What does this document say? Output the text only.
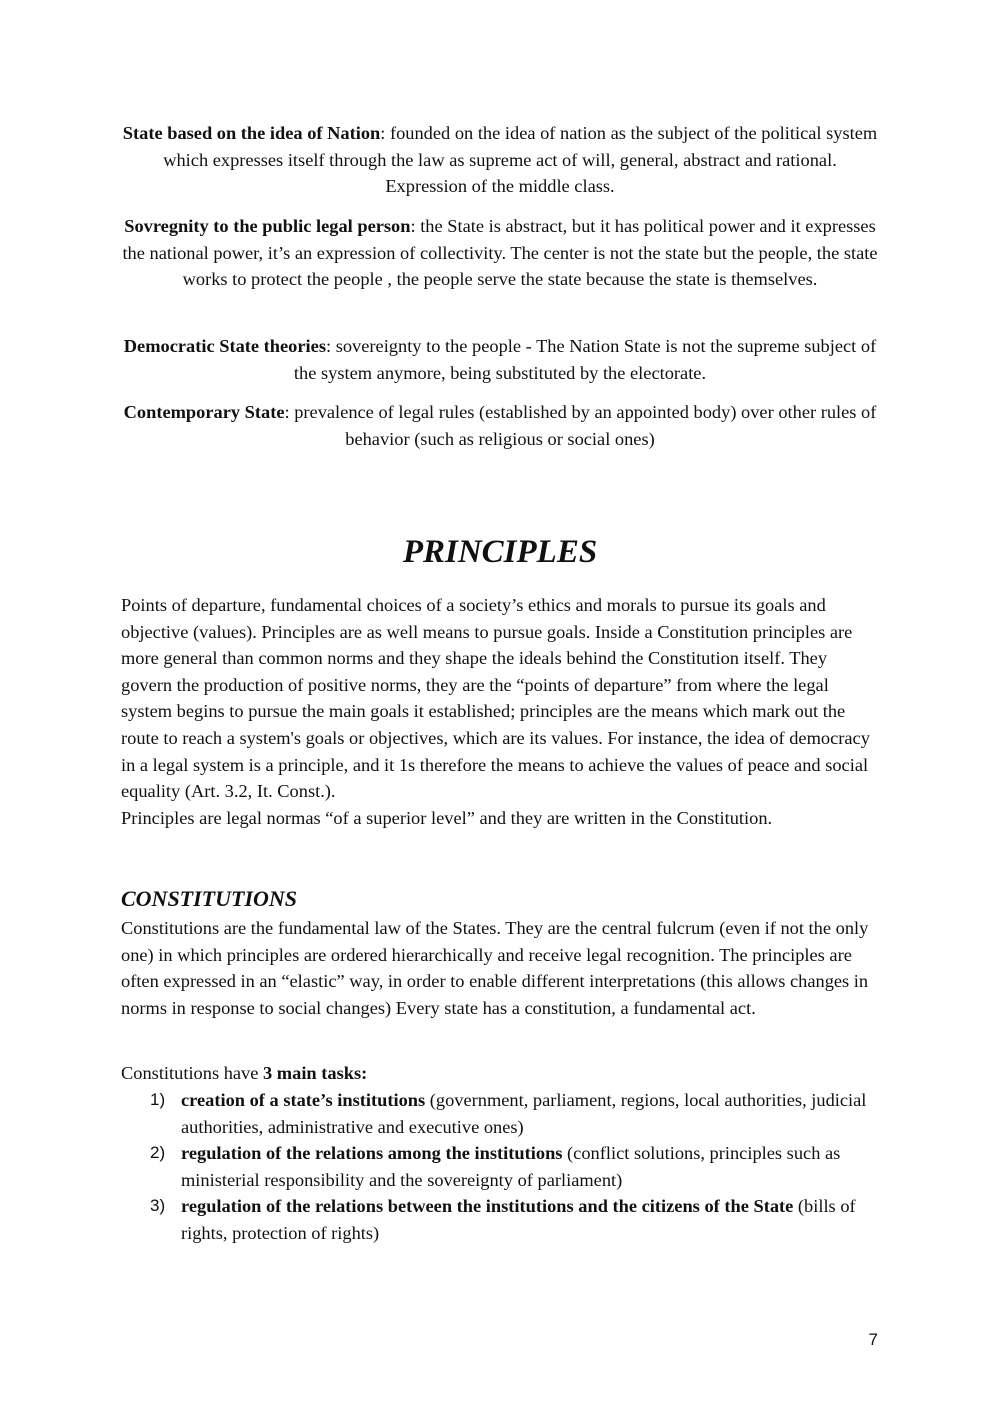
State based on the idea of Nation: founded on the idea of nation as the subject of the political system which expresses itself through the law as supreme act of will, general, abstract and rational. Expression of the middle class.

Sovregnity to the public legal person: the State is abstract, but it has political power and it expresses the national power, it’s an expression of collectivity. The center is not the state but the people, the state works to protect the people , the people serve the state because the state is themselves.

Democratic State theories: sovereignty to the people - The Nation State is not the supreme subject of the system anymore, being substituted by the electorate.

Contemporary State: prevalence of legal rules (established by an appointed body) over other rules of behavior (such as religious or social ones)

PRINCIPLES

Points of departure, fundamental choices of a society’s ethics and morals to pursue its goals and objective (values). Principles are as well means to pursue goals. Inside a Constitution principles are more general than common norms and they shape the ideals behind the Constitution itself. They govern the production of positive norms, they are the “points of departure” from where the legal system begins to pursue the main goals it established; principles are the means which mark out the route to reach a system's goals or objectives, which are its values. For instance, the idea of democracy in a legal system is a principle, and it 1s therefore the means to achieve the values of peace and social equality (Art. 3.2, It. Const.).

Principles are legal normas “of a superior level” and they are written in the Constitution.

CONSTITUTIONS

Constitutions are the fundamental law of the States. They are the central fulcrum (even if not the only one) in which principles are ordered hierarchically and receive legal recognition. The principles are often expressed in an “elastic” way, in order to enable different interpretations (this allows changes in norms in response to social changes) Every state has a constitution, a fundamental act.

Constitutions have 3 main tasks:

1) creation of a state’s institutions (government, parliament, regions, local authorities, judicial authorities, administrative and executive ones)
2) regulation of the relations among the institutions (conflict solutions, principles such as ministerial responsibility and the sovereignty of parliament)
3) regulation of the relations between the institutions and the citizens of the State (bills of rights, protection of rights)
7
